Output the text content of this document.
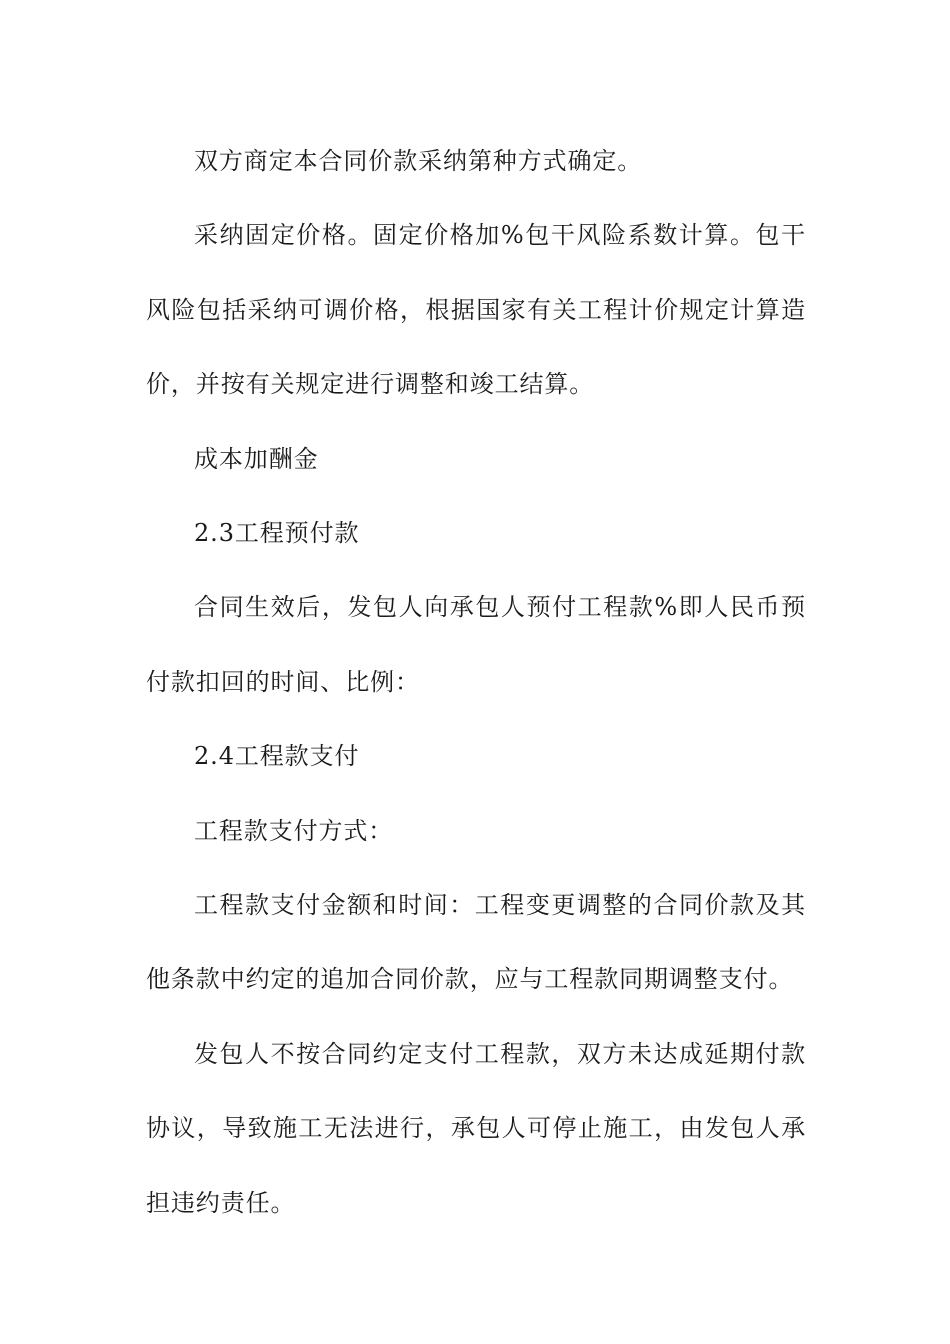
双方商定本合同价款采纳第种方式确定。

采纳固定价格。固定价格加%包干风险系数计算。包干风险包括采纳可调价格，根据国家有关工程计价规定计算造价，并按有关规定进行调整和竣工结算。

成本加酬金

2.3工程预付款

合同生效后，发包人向承包人预付工程款%即人民币预付款扣回的时间、比例：

2.4工程款支付

工程款支付方式：

工程款支付金额和时间：工程变更调整的合同价款及其他条款中约定的追加合同价款，应与工程款同期调整支付。

发包人不按合同约定支付工程款，双方未达成延期付款协议，导致施工无法进行，承包人可停止施工，由发包人承担违约责任。
